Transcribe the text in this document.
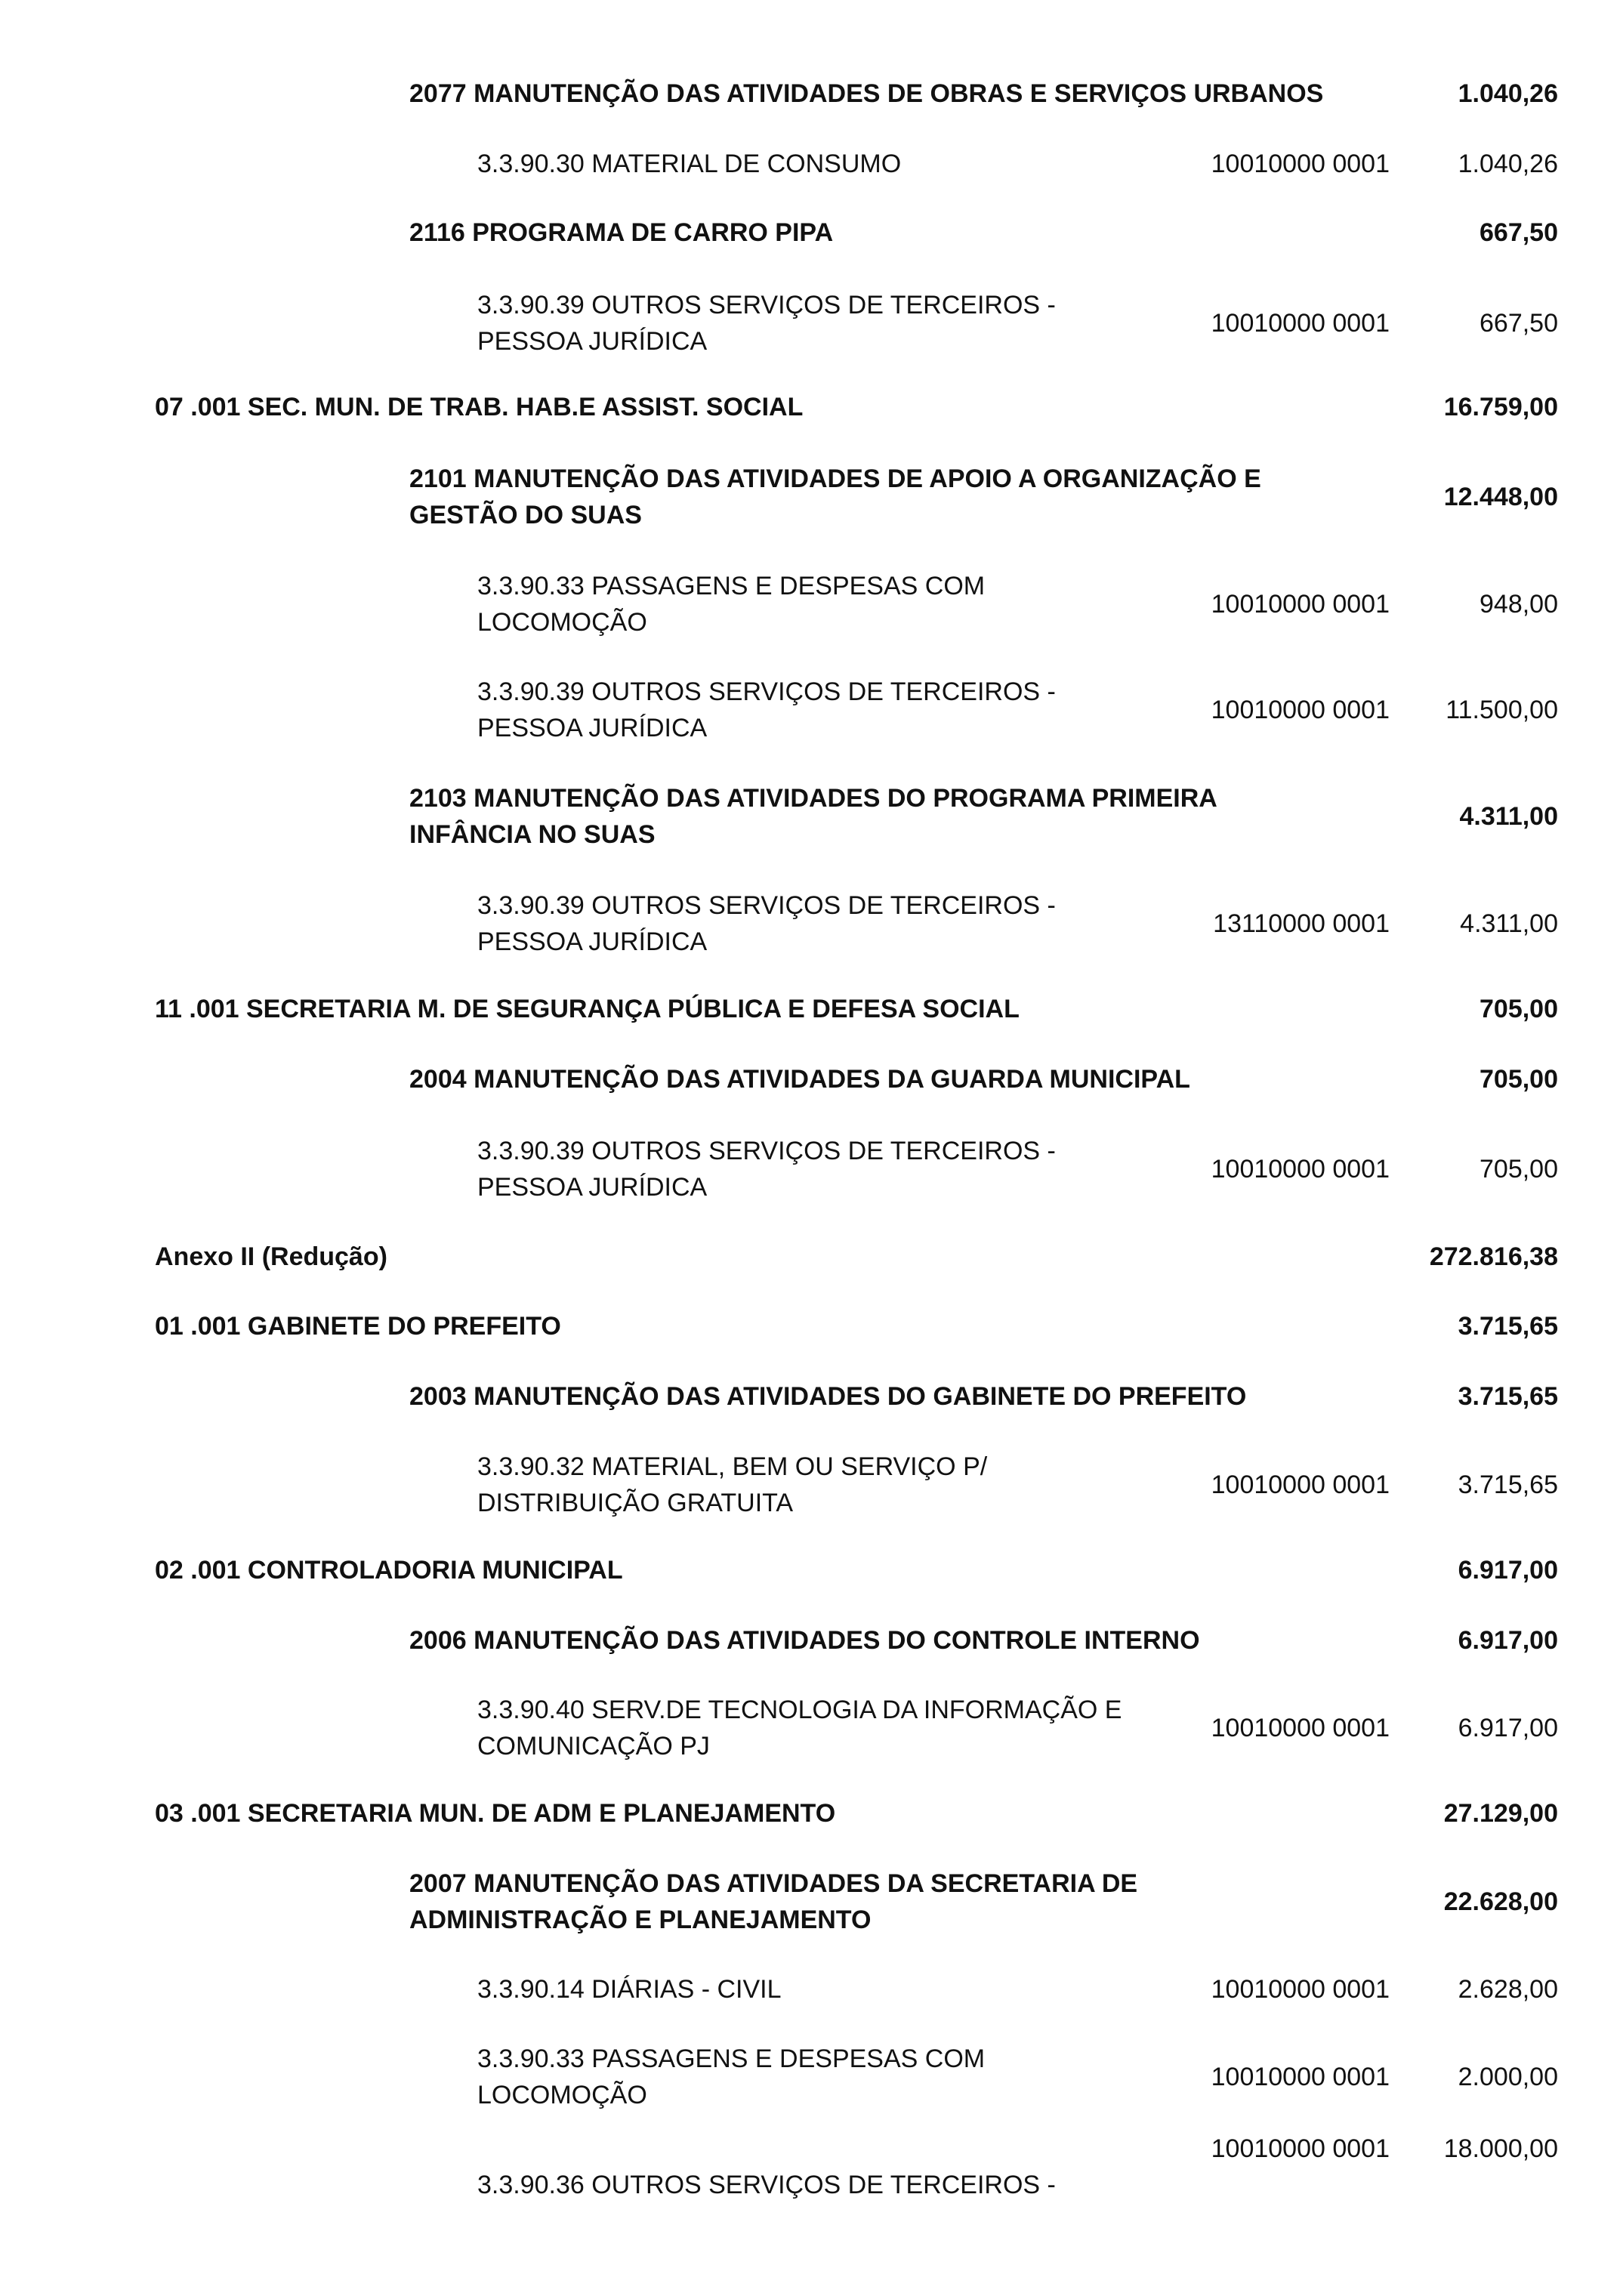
2077 MANUTENÇÃO DAS ATIVIDADES DE OBRAS E SERVIÇOS URBANOS	1.040,26
3.3.90.30 MATERIAL DE CONSUMO	10010000 0001	1.040,26
2116 PROGRAMA DE CARRO PIPA	667,50
3.3.90.39 OUTROS SERVIÇOS DE TERCEIROS -
PESSOA JURÍDICA
10010000 0001	667,50
07 .001 SEC. MUN. DE TRAB. HAB.E ASSIST. SOCIAL	16.759,00
2101 MANUTENÇÃO DAS ATIVIDADES DE APOIO A ORGANIZAÇÃO E
GESTÃO DO SUAS
12.448,00
3.3.90.33 PASSAGENS E DESPESAS COM
LOCOMOÇÃO
10010000 0001	948,00
3.3.90.39 OUTROS SERVIÇOS DE TERCEIROS -
PESSOA JURÍDICA
10010000 0001	11.500,00
2103 MANUTENÇÃO DAS ATIVIDADES DO PROGRAMA PRIMEIRA
INFÂNCIA NO SUAS
4.311,00
3.3.90.39 OUTROS SERVIÇOS DE TERCEIROS -
PESSOA JURÍDICA
13110000 0001	4.311,00
11 .001 SECRETARIA M. DE SEGURANÇA PÚBLICA E DEFESA SOCIAL	705,00
2004 MANUTENÇÃO DAS ATIVIDADES DA GUARDA MUNICIPAL	705,00
3.3.90.39 OUTROS SERVIÇOS DE TERCEIROS -
PESSOA JURÍDICA
10010000 0001	705,00
Anexo II (Redução)	272.816,38
01 .001 GABINETE DO PREFEITO	3.715,65
2003 MANUTENÇÃO DAS ATIVIDADES DO GABINETE DO PREFEITO	3.715,65
3.3.90.32 MATERIAL, BEM OU SERVIÇO P/
DISTRIBUIÇÃO GRATUITA
10010000 0001	3.715,65
02 .001 CONTROLADORIA MUNICIPAL	6.917,00
2006 MANUTENÇÃO DAS ATIVIDADES DO CONTROLE INTERNO	6.917,00
3.3.90.40 SERV.DE TECNOLOGIA DA INFORMAÇÃO E
COMUNICAÇÃO PJ
10010000 0001	6.917,00
03 .001 SECRETARIA MUN. DE ADM E PLANEJAMENTO	27.129,00
2007 MANUTENÇÃO DAS ATIVIDADES DA SECRETARIA DE
ADMINISTRAÇÃO E PLANEJAMENTO
22.628,00
3.3.90.14 DIÁRIAS - CIVIL	10010000 0001	2.628,00
3.3.90.33 PASSAGENS E DESPESAS COM
LOCOMOÇÃO
10010000 0001	2.000,00
3.3.90.36 OUTROS SERVIÇOS DE TERCEIROS -
10010000 0001	18.000,00
